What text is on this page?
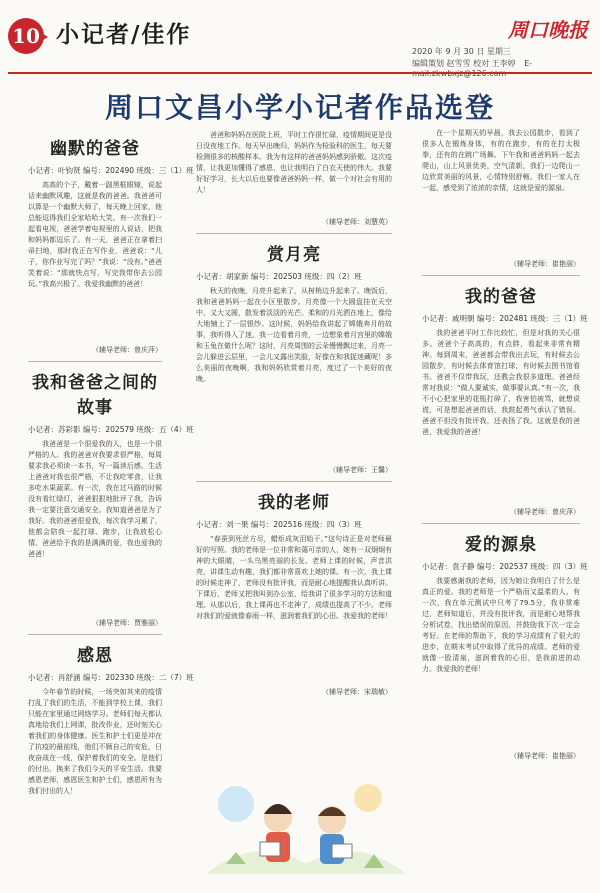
10 小记者/佳作	周口晚报
2020 年 9 月 30 日 星期三
编辑策划 赵雪雪 校对 王李婷 E-
周口文昌小学小记者作品选登
幽默的爸爸
小记者：叶钧贤 编号：202490 班级：三（1）班
高高的个子，戴着一副黑框眼镜，说起话来幽默风趣，这就是我的爸爸。我爸爸可以算是一个幽默大师了，每天晚上回家，他总能逗得我们全家哈哈大笑。有一次我们一起看电视，爸爸学着电视里的人说话，把我和妈妈都逗乐了。有一天，爸爸正在拿着扫帚扫地，那时我正在写作业，爸爸说：“儿子，你作业写完了吗？”我说：“没有。”爸爸笑着说：“那就快点写，写完我带你去公园玩。”我高兴极了。我爱我幽默的爸爸！
（辅导老师：曾庆萍）
我和爸爸之间的故事
小记者：苏彩影 编号：202579 班级：五（4）班
我爸爸是一个很爱我的人，也是一个很严格的人。我的爸爸对我要求很严格，每周要求我必须读一本书，写一篇读后感。生活上爸爸对我也很严格，不让我吃零食，让我多吃水果蔬菜。有一次，我在过马路的时候没有看红绿灯，爸爸狠狠地批评了我，告诉我一定要注意交通安全。我知道爸爸是为了我好。我的爸爸很爱我，每次我学习累了，他都会陪我一起打球、跑步，让我放松心情。爸爸给予我的是满满的爱，我也爱我的爸爸！
（辅导老师：贾雅丽）
感恩
小记者：肖舒涵 编号：202330 班级：二（7）班
今年春节的时候，一场突如其来的疫情打乱了我们的生活，不能到学校上课，我们只能在家里通过网络学习。老师们每天都认真地给我们上网课，批改作业，还时刻关心着我们的身体健康。医生和护士们更是冲在了抗疫的最前线，他们不顾自己的安危，日夜奋战在一线，保护着我们的安全。是他们的付出，换来了我们今天的平安生活。我要感恩老师，感恩医生和护士们，感恩所有为我们付出的人！
爸爸和妈妈在医院上班，平时工作很忙碌，疫情期间更是没日没夜地工作。每天早出晚归，妈妈作为检验科的医生，每天要检测很多的核酸样本。我为有这样的爸爸妈妈感到骄傲。这次疫情，让我更加懂得了感恩，也让我明白了白衣天使的伟大。我要好好学习，长大以后也要像爸爸妈妈一样，做一个对社会有用的人！
（辅导老师：刘慧英）
赏月亮
小记者：胡家新 编号：202503 班级：四（2）班
秋天的夜晚，月亮升起来了，从树梢边升起来了。晚饭后，我和爸爸妈妈一起在小区里散步。月亮像一个大圆盘挂在天空中，又大又圆，散发着淡淡的光芒。柔和的月光洒在地上，像给大地铺上了一层银纱。这时候，妈妈给我讲起了嫦娥奔月的故事，我听得入了迷。我一边看着月亮，一边想象着月宫里的嫦娥和玉兔在做什么呢？这时，月亮周围的云朵慢慢飘过来，月亮一会儿躲进云层里，一会儿又露出笑脸，好像在和我捉迷藏呢！多么美丽的夜晚啊，我和妈妈欣赏着月亮，度过了一个美好的夜晚。
（辅导老师：王馨）
我的老师
小记者：刘一果 编号：202516 班级：四（3）班
“春蚕到死丝方尽，蜡炬成灰泪始干。”这句诗正是对老师最好的写照。我的老师是一位非常和蔼可亲的人，她有一双炯炯有神的大眼睛，一头乌黑亮丽的长发。老师上课的时候，声音洪亮，讲课生动有趣，我们都非常喜欢上她的课。有一次，我上课的时候走神了，老师没有批评我，而是耐心地提醒我认真听讲。下课后，老师又把我叫到办公室，给我讲了很多学习的方法和道理。从那以后，我上课再也不走神了，成绩也提高了不少。老师对我们的爱就像春雨一样，滋润着我们的心田。我爱我的老师！
（辅导老师：宋瑞敏）
在一个星期天的早晨，我去公园散步，看到了很多人在锻炼身体，有的在跑步，有的在打太极拳，还有的在跳广场舞。下午我和爸爸妈妈一起去爬山，山上风景优美，空气清新，我们一边爬山一边欣赏美丽的风景，心情特别舒畅。我们一家人在一起，感受到了浓浓的亲情，这就是爱的源泉。
（辅导老师：崔艳丽）
我的爸爸
小记者：戚明朝 编号：202481 班级：三（1）班
我的爸爸平时工作比较忙，但是对我的关心很多。爸爸个子高高的，有点胖，看起来非常有精神。每到周末，爸爸都会带我出去玩，有时候去公园散步，有时候去体育馆打球，有时候去图书馆看书。爸爸不仅带我玩，还教会我很多道理。爸爸经常对我说：“做人要诚实，做事要认真。”有一次，我不小心把家里的花瓶打碎了，我害怕被骂，就想说谎，可是想起爸爸的话，我鼓起勇气承认了错误。爸爸不但没有批评我，还表扬了我。这就是我的爸爸，我爱我的爸爸！
（辅导老师：曾庆萍）
爱的源泉
小记者：袁子静 编号：202537 班级：四（3）班
我要感谢我的老师，因为她让我明白了什么是真正的爱。我的老师是一个严格而又温柔的人。有一次，我在单元测试中只考了79.5分，我非常难过，老师知道后，并没有批评我，而是耐心地帮我分析试卷，找出错误的原因，并鼓励我下次一定会考好。在老师的帮助下，我的学习成绩有了很大的进步，在期末考试中取得了优异的成绩。老师的爱就像一股清泉，滋润着我的心田，是我前进的动力。我爱我的老师！
（辅导老师：崔艳丽）
